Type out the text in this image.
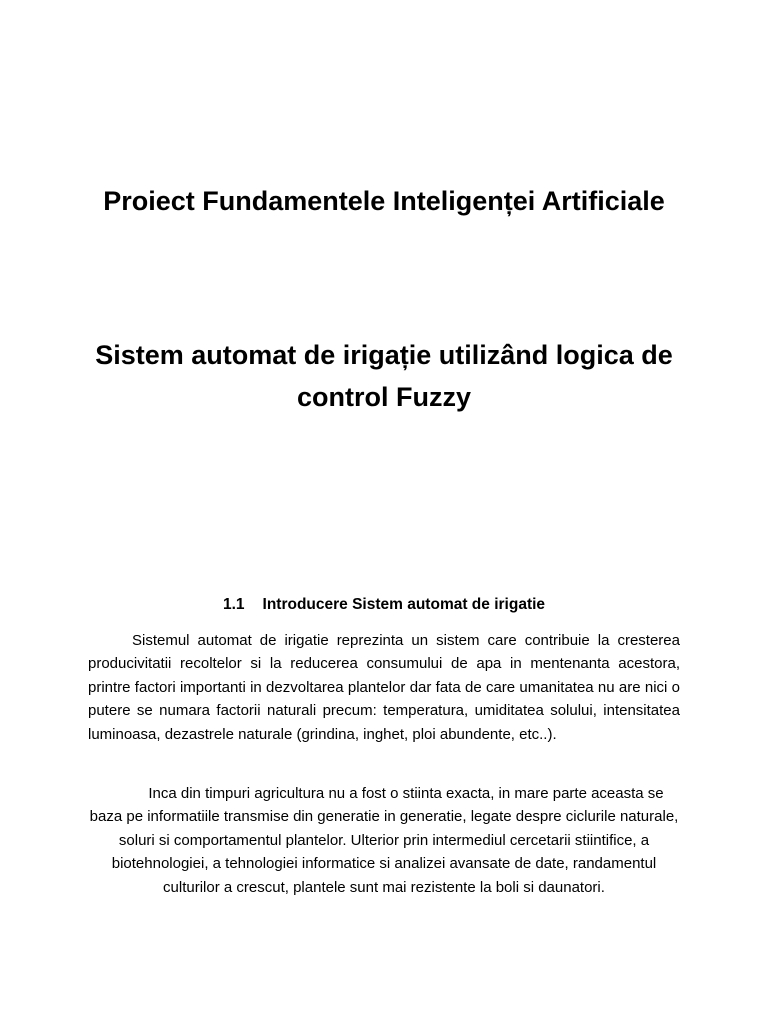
Proiect Fundamentele Inteligenței Artificiale
Sistem automat de irigație utilizând logica de control Fuzzy
1.1 Introducere Sistem automat de irigatie

Sistemul automat de irigatie reprezinta un sistem care contribuie la cresterea producivitatii recoltelor si la reducerea consumului de apa in mentenanta acestora, printre factori importanti in dezvoltarea plantelor dar fata de care umanitatea nu are nici o putere se numara factorii naturali precum: temperatura, umiditatea solului, intensitatea luminoasa, dezastrele naturale (grindina, inghet, ploi abundente, etc..).

Inca din timpuri agricultura nu a fost o stiinta exacta, in mare parte aceasta se baza pe informatiile transmise din generatie in generatie, legate despre ciclurile naturale, soluri si comportamentul plantelor. Ulterior prin intermediul cercetarii stiintifice, a biotehnologiei, a tehnologiei informatice si analizei avansate de date, randamentul culturilor a crescut, plantele sunt mai rezistente la boli si daunatori.
